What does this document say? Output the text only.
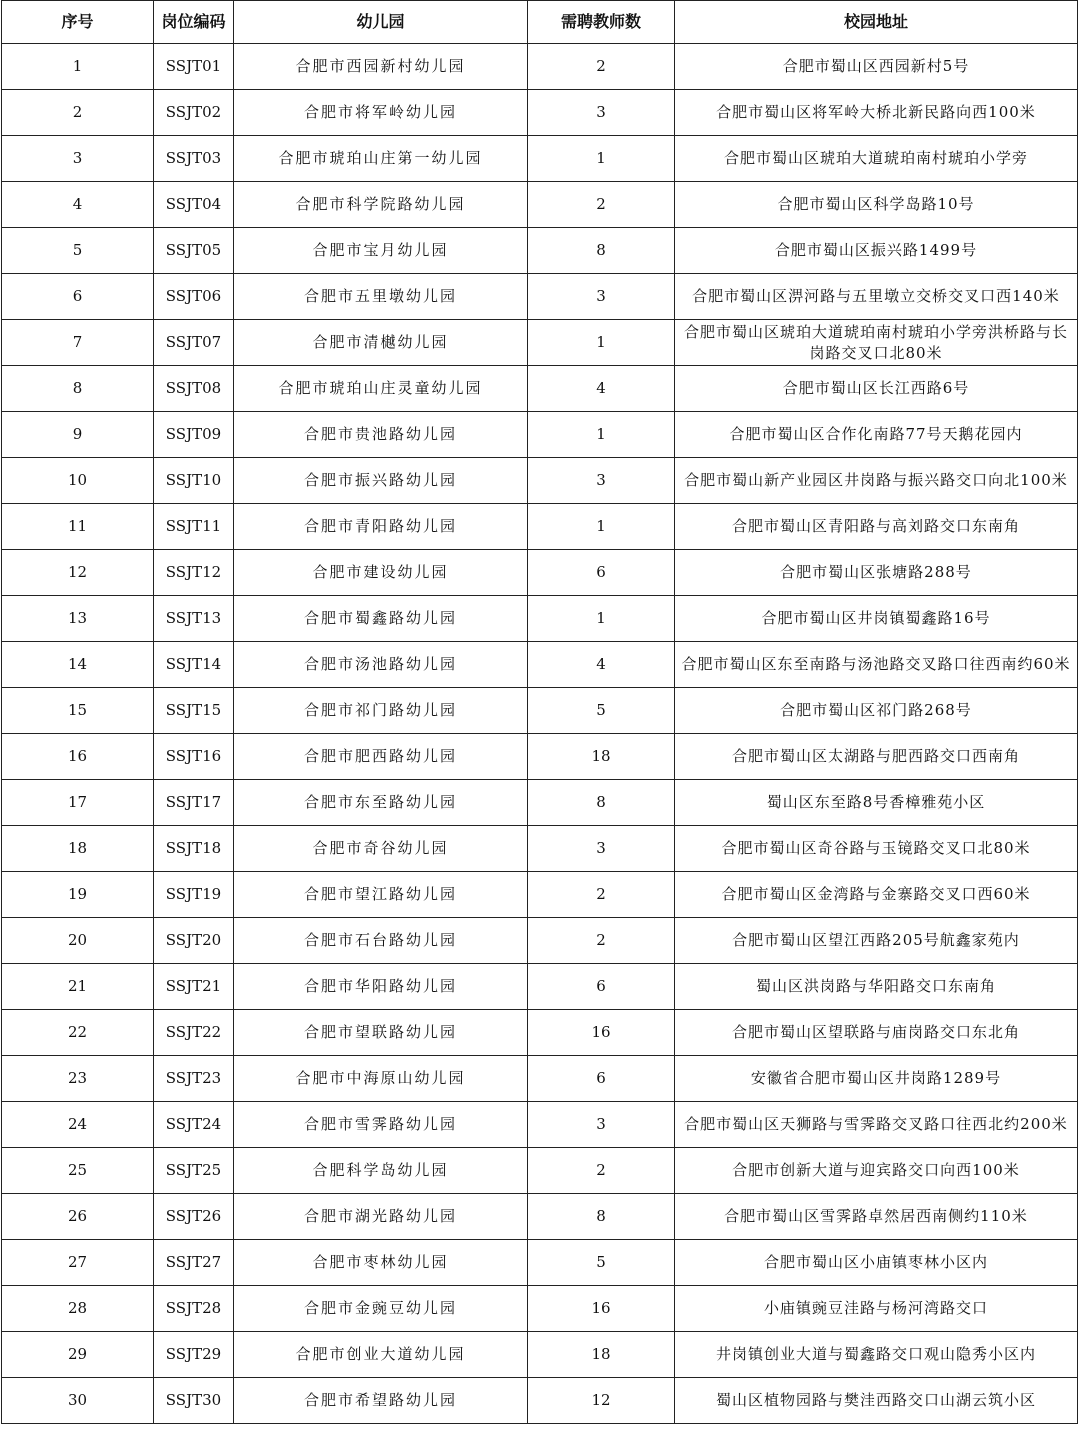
序号	岗位编码	幼儿园	需聘教师数	校园地址
1	SSJT01	合肥市西园新村幼儿园	2	合肥市蜀山区西园新村5号
2	SSJT02	合肥市将军岭幼儿园	3	合肥市蜀山区将军岭大桥北新民路向西100米
3	SSJT03	合肥市琥珀山庄第一幼儿园	1	合肥市蜀山区琥珀大道琥珀南村琥珀小学旁
4	SSJT04	合肥市科学院路幼儿园	2	合肥市蜀山区科学岛路10号
5	SSJT05	合肥市宝月幼儿园	8	合肥市蜀山区振兴路1499号
6	SSJT06	合肥市五里墩幼儿园	3	合肥市蜀山区淠河路与五里墩立交桥交叉口西140米
7	SSJT07	合肥市清樾幼儿园	1	合肥市蜀山区琥珀大道琥珀南村琥珀小学旁洪桥路与长岗路交叉口北80米
8	SSJT08	合肥市琥珀山庄灵童幼儿园	4	合肥市蜀山区长江西路6号
9	SSJT09	合肥市贵池路幼儿园	1	合肥市蜀山区合作化南路77号天鹅花园内
10	SSJT10	合肥市振兴路幼儿园	3	合肥市蜀山新产业园区井岗路与振兴路交口向北100米
11	SSJT11	合肥市青阳路幼儿园	1	合肥市蜀山区青阳路与高刘路交口东南角
12	SSJT12	合肥市建设幼儿园	6	合肥市蜀山区张塘路288号
13	SSJT13	合肥市蜀鑫路幼儿园	1	合肥市蜀山区井岗镇蜀鑫路16号
14	SSJT14	合肥市汤池路幼儿园	4	合肥市蜀山区东至南路与汤池路交叉路口往西南约60米
15	SSJT15	合肥市祁门路幼儿园	5	合肥市蜀山区祁门路268号
16	SSJT16	合肥市肥西路幼儿园	18	合肥市蜀山区太湖路与肥西路交口西南角
17	SSJT17	合肥市东至路幼儿园	8	蜀山区东至路8号香樟雅苑小区
18	SSJT18	合肥市奇谷幼儿园	3	合肥市蜀山区奇谷路与玉镜路交叉口北80米
19	SSJT19	合肥市望江路幼儿园	2	合肥市蜀山区金湾路与金寨路交叉口西60米
20	SSJT20	合肥市石台路幼儿园	2	合肥市蜀山区望江西路205号航鑫家苑内
21	SSJT21	合肥市华阳路幼儿园	6	蜀山区洪岗路与华阳路交口东南角
22	SSJT22	合肥市望联路幼儿园	16	合肥市蜀山区望联路与庙岗路交口东北角
23	SSJT23	合肥市中海原山幼儿园	6	安徽省合肥市蜀山区井岗路1289号
24	SSJT24	合肥市雪霁路幼儿园	3	合肥市蜀山区天狮路与雪霁路交叉路口往西北约200米
25	SSJT25	合肥科学岛幼儿园	2	合肥市创新大道与迎宾路交口向西100米
26	SSJT26	合肥市湖光路幼儿园	8	合肥市蜀山区雪霁路卓然居西南侧约110米
27	SSJT27	合肥市枣林幼儿园	5	合肥市蜀山区小庙镇枣林小区内
28	SSJT28	合肥市金豌豆幼儿园	16	小庙镇豌豆洼路与杨河湾路交口
29	SSJT29	合肥市创业大道幼儿园	18	井岗镇创业大道与蜀鑫路交口观山隐秀小区内
30	SSJT30	合肥市希望路幼儿园	12	蜀山区植物园路与樊洼西路交口山湖云筑小区
